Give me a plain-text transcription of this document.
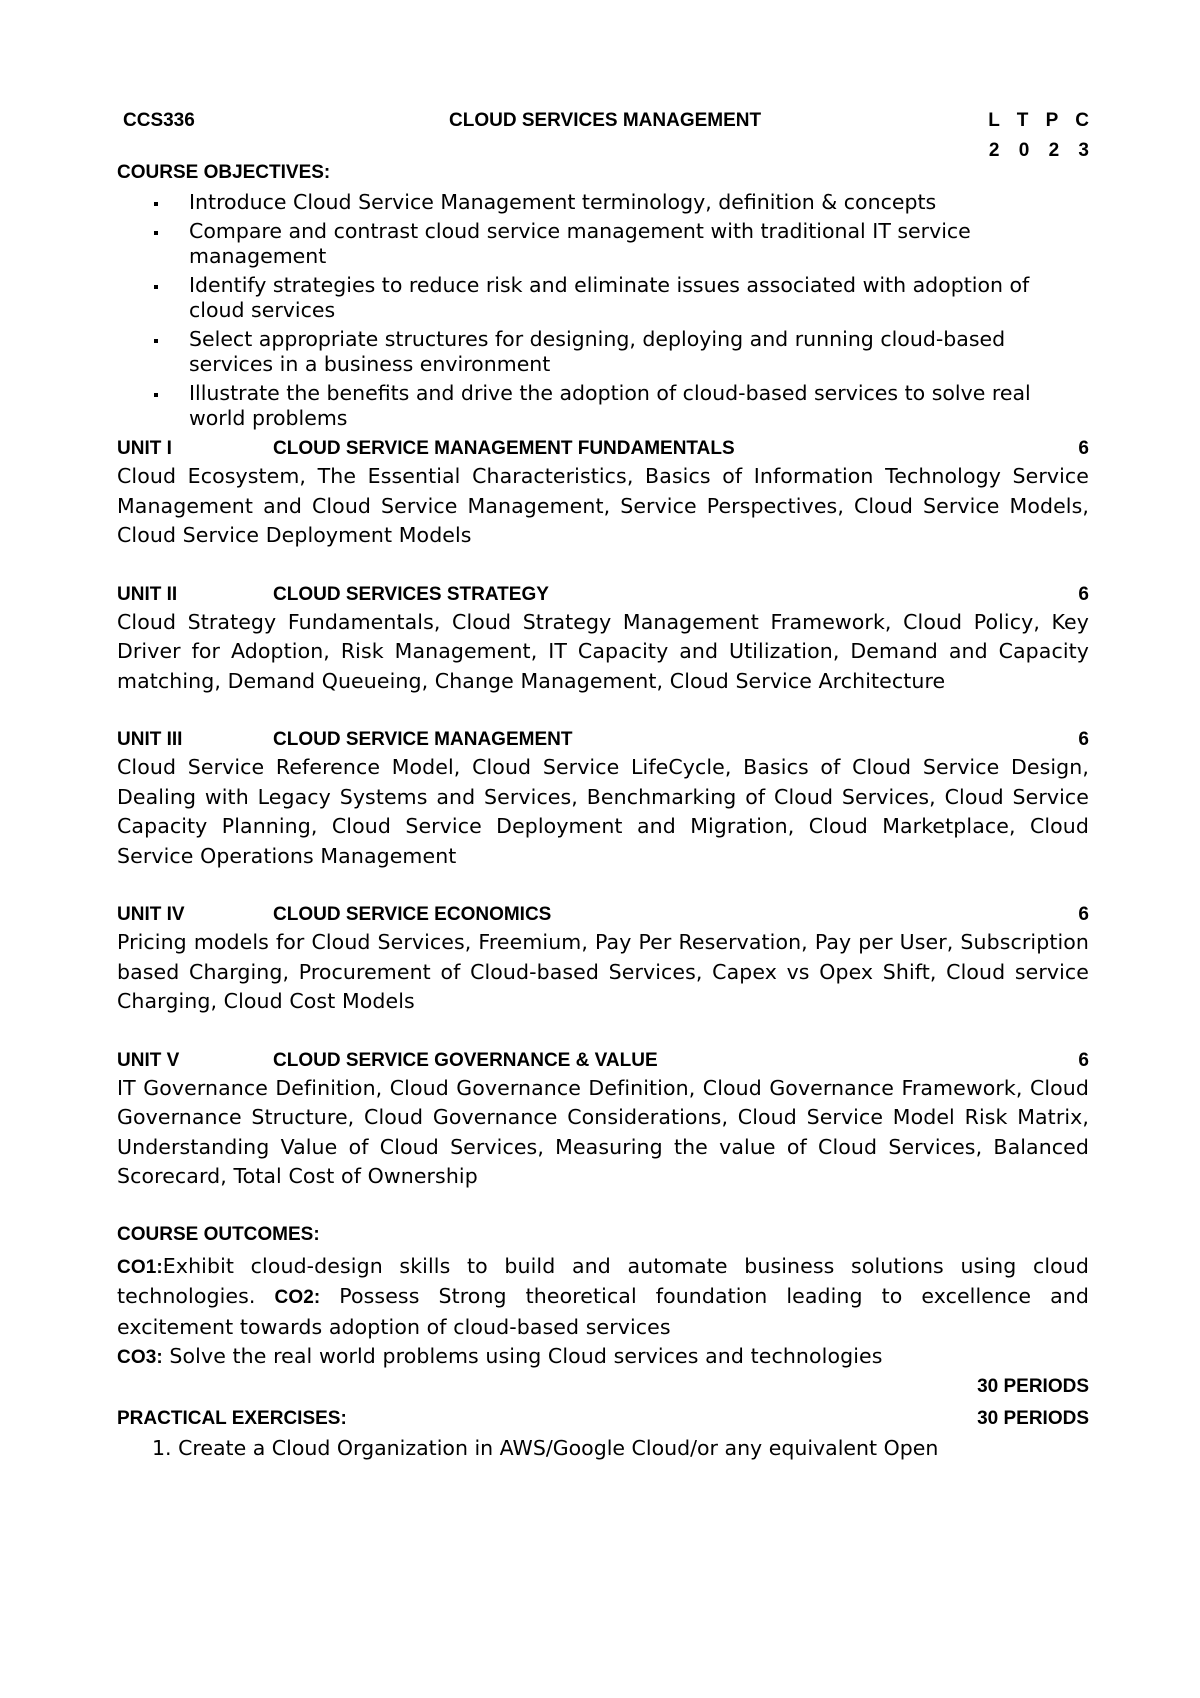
CCS336	CLOUD SERVICES MANAGEMENT	L T P C
2 0 2 3
COURSE OBJECTIVES:
Introduce Cloud Service Management terminology, definition & concepts
Compare and contrast cloud service management with traditional IT service management
Identify strategies to reduce risk and eliminate issues associated with adoption of cloud services
Select appropriate structures for designing, deploying and running cloud-based services in a business environment
Illustrate the benefits and drive the adoption of cloud-based services to solve real world problems
UNIT I	CLOUD SERVICE MANAGEMENT FUNDAMENTALS	6
Cloud Ecosystem, The Essential Characteristics, Basics of Information Technology Service Management and Cloud Service Management, Service Perspectives, Cloud Service Models, Cloud Service Deployment Models
UNIT II	CLOUD SERVICES STRATEGY	6
Cloud Strategy Fundamentals, Cloud Strategy Management Framework, Cloud Policy, Key Driver for Adoption, Risk Management, IT Capacity and Utilization, Demand and Capacity matching, Demand Queueing, Change Management, Cloud Service Architecture
UNIT III	CLOUD SERVICE MANAGEMENT	6
Cloud Service Reference Model, Cloud Service LifeCycle, Basics of Cloud Service Design, Dealing with Legacy Systems and Services, Benchmarking of Cloud Services, Cloud Service Capacity Planning, Cloud Service Deployment and Migration, Cloud Marketplace, Cloud Service Operations Management
UNIT IV	CLOUD SERVICE ECONOMICS	6
Pricing models for Cloud Services, Freemium, Pay Per Reservation, Pay per User, Subscription based Charging, Procurement of Cloud-based Services, Capex vs Opex Shift, Cloud service Charging, Cloud Cost Models
UNIT V	CLOUD SERVICE GOVERNANCE & VALUE	6
IT Governance Definition, Cloud Governance Definition, Cloud Governance Framework, Cloud Governance Structure, Cloud Governance Considerations, Cloud Service Model Risk Matrix, Understanding Value of Cloud Services, Measuring the value of Cloud Services, Balanced Scorecard, Total Cost of Ownership
COURSE OUTCOMES:
CO1:Exhibit cloud-design skills to build and automate business solutions using cloud technologies. CO2: Possess Strong theoretical foundation leading to excellence and excitement towards adoption of cloud-based services
CO3: Solve the real world problems using Cloud services and technologies
30 PERIODS
PRACTICAL EXERCISES:	30 PERIODS
1. Create a Cloud Organization in AWS/Google Cloud/or any equivalent Open
